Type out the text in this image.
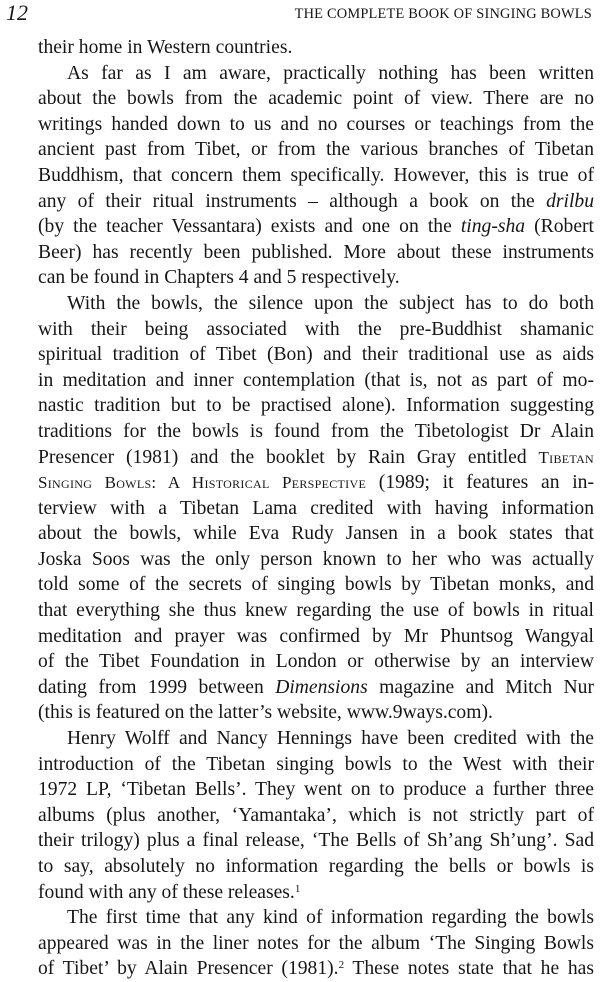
12	THE COMPLETE BOOK OF SINGING BOWLS
their home in Western countries.
As far as I am aware, practically nothing has been written
about the bowls from the academic point of view. There are no
writings handed down to us and no courses or teachings from the
ancient past from Tibet, or from the various branches of Tibetan
Buddhism, that concern them specifically. However, this is true of
any of their ritual instruments – although a book on the drilbu
(by the teacher Vessantara) exists and one on the ting-sha (Robert
Beer) has recently been published. More about these instruments
can be found in Chapters 4 and 5 respectively.
With the bowls, the silence upon the subject has to do both
with their being associated with the pre-Buddhist shamanic
spiritual tradition of Tibet (Bon) and their traditional use as aids
in meditation and inner contemplation (that is, not as part of mo-
nastic tradition but to be practised alone). Information suggesting
traditions for the bowls is found from the Tibetologist Dr Alain
Presencer (1981) and the booklet by Rain Gray entitled Tibetan
Singing Bowls: A Historical Perspective (1989; it features an in-
terview with a Tibetan Lama credited with having information
about the bowls, while Eva Rudy Jansen in a book states that
Joska Soos was the only person known to her who was actually
told some of the secrets of singing bowls by Tibetan monks, and
that everything she thus knew regarding the use of bowls in ritual
meditation and prayer was confirmed by Mr Phuntsog Wangyal
of the Tibet Foundation in London or otherwise by an interview
dating from 1999 between Dimensions magazine and Mitch Nur
(this is featured on the latter’s website, www.9ways.com).
Henry Wolff and Nancy Hennings have been credited with the
introduction of the Tibetan singing bowls to the West with their
1972 LP, ‘Tibetan Bells’. They went on to produce a further three
albums (plus another, ‘Yamantaka’, which is not strictly part of
their trilogy) plus a final release, ‘The Bells of Sh’ang Sh’ung’. Sad
to say, absolutely no information regarding the bells or bowls is
found with any of these releases.$^1$
The first time that any kind of information regarding the bowls
appeared was in the liner notes for the album ‘The Singing Bowls
of Tibet’ by Alain Presencer (1981).$^2$ These notes state that he has
